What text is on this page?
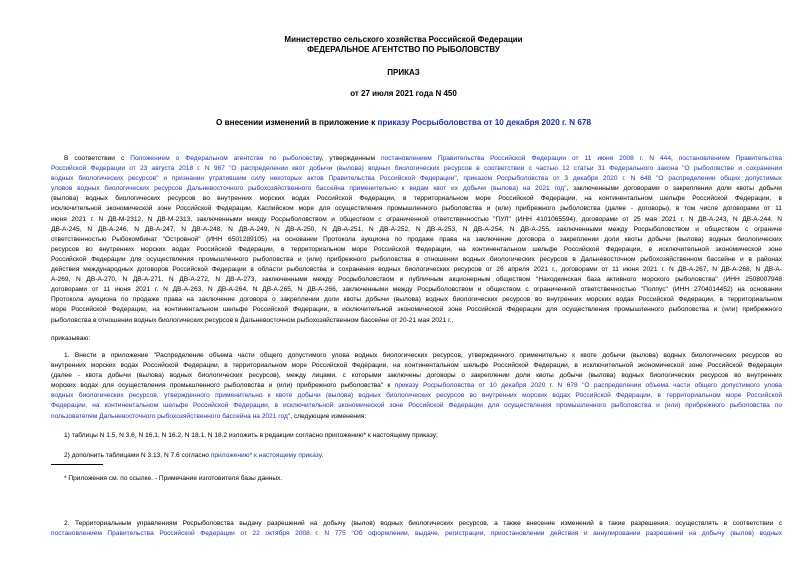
Министерство сельского хозяйства Российской Федерации
ФЕДЕРАЛЬНОЕ АГЕНТСТВО ПО РЫБОЛОВСТВУ
ПРИКАЗ
от 27 июля 2021 года N 450
О внесении изменений в приложение к приказу Росрыболовства от 10 декабря 2020 г. N 678
В соответствии с Положением о Федеральном агентстве по рыболовству, утвержденным постановлением Правительства Российской Федерации от 11 июня 2008 г. N 444, постановлением Правительства
Российской Федерации от 23 августа 2018 г. N 987 "О распределении квот добычи (вылова) водных биологических ресурсов в соответствии с частью 12 статьи 31 Федерального закона "О рыболовстве и сохранении
водных биологических ресурсов" и признании утратившим силу некоторых актов Правительства Российской Федерации", приказом Росрыболовства от 3 декабря 2020 г. N 648 "О распределении общих допустимых
уловов водных биологических ресурсов Дальневосточного рыбохозяйственного бассейна применительно к видам квот их добычи (вылова) на 2021 год", заключенными договорами о закреплении доли квоты добычи
(вылова) водных биологических ресурсов во внутренних морских водах Российской Федерации, в территориальном море Российской Федерации, на континентальном шельфе Российской Федерации, в
исключительной экономической зоне Российской Федерации, Каспийском море для осуществления промышленного рыболовства и (или) прибрежного рыболовства (далее - договоры), в том числе договорами от 11
июня 2021 г. N ДВ-М-2312, N ДВ-М-2313, заключенными между Росрыболовством и обществом с ограниченной ответственностью "ПУЛ" (ИНН 4101065594), договорами от 25 мая 2021 г. N ДВ-А-243, N ДВ-А-244, N
ДВ-А-245, N ДВ-А-246, N ДВ-А-247, N ДВ-А-248, N ДВ-А-249, N ДВ-А-250, N ДВ-А-251, N ДВ-А-252, N ДВ-А-253, N ДВ-А-254, N ДВ-А-255, заключенными между Росрыболовством и обществом с ограниче
ответственностью Рыбокомбинат "Островной" (ИНН 6501289105) на основании Протокола аукциона по продаже права на заключение договора о закреплении доли квоты добычи (вылова) водных биологических
ресурсов во внутренних морских водах Российской Федерации, в территориальном море Российской Федерации, на континентальном шельфе Российской Федерации, в исключительной экономической зоне
Российской Федерации для осуществления промышленного рыболовства и (или) прибрежного рыболовства в отношении водных биологических ресурсов в Дальневосточном рыбохозяйственном бассейне и в районах
действия международных договоров Российской Федерации в области рыболовства и сохранения водных биологических ресурсов от 26 апреля 2021 г., договорами от 11 июня 2021 г. N ДВ-А-267, N ДВ-А-268, N ДВ-А-
А-269, N ДВ-А-270, N ДВ-А-271, N ДВ-А-272, N ДВ-А-273, заключенными между Росрыболовством и публичным акционерным обществом "Находкинская база активного морского рыболовства" (ИНН 2508007948
договорами от 11 июня 2021 г. N ДВ-А-263, N ДВ-А-264, N ДВ-А-265, N ДВ-А-266, заключенными между Росрыболовством и обществом с ограниченной ответственностью "Полпус" (ИНН 2704014452) на основании
Протокола аукциона по продаже права на заключение договора о закреплении доли квоты добычи (вылова) водных биологических ресурсов во внутренних морских водах Российской Федерации, в территориальном
море Российской Федерации, на континентальном шельфе Российской Федерации, в исключительной экономической зоне Российской Федерации для осуществления промышленного рыболовства и (или) прибрежного
рыболовства в отношении водных биологических ресурсов в Дальневосточном рыбохозяйственном бассейне от 20-21 мая 2021 г.,
приказываю:
1. Внести в приложение "Распределение объема части общего допустимого улова водных биологических ресурсов, утвержденного применительно к квоте добычи (вылова) водных биологических ресурсов во
внутренних морских водах Российской Федерации, в территориальном море Российской Федерации, на континентальном шельфе Российской Федерации, в исключительной экономической зоне Российской Федерации
(далее - квота добычи (вылова) водных биологических ресурсов), между лицами, с которыми заключены договоры о закреплении доли квоты добычи (вылова) водных биологических ресурсов во внутренних
морских водах для осуществления промышленного рыболовства и (или) прибрежного рыболовства" к приказу Росрыболовства от 10 декабря 2020 г. N 678 "О распределении объема части общего допустимого улова
водных биологических ресурсов, утвержденного применительно к квоте добычи (вылова) водных биологических ресурсов во внутренних морских водах Российской Федерации, в территориальном море Российской
Федерации, на континентальном шельфе Российской Федерации, в исключительной экономической зоне Российской Федерации для осуществления промышленного рыболовства и (или) прибрежного рыболовства по
пользователям Дальневосточного рыбохозяйственного бассейна на 2021 год", следующие изменения:
1) таблицы N 1.5, N 3.6, N 16.1, N 16.2, N 18.1, N 18.2 изложить в редакции согласно приложению* к настоящему приказу;
2) дополнить таблицами N 3.13, N 7.6 согласно приложению* к настоящему приказу.
* Приложения см. по ссылке. - Примечание изготовителя базы данных.
2. Территориальным управлениям Росрыболовства выдачу разрешений на добычу (вылов) водных биологических ресурсов, а также внесение изменений в такие разрешения, осуществлять в соответствии с
постановлением Правительства Российской Федерации от 22 октября 2008 г. N 775 "Об оформлении, выдаче, регистрации, приостановлении действия и аннулировании разрешений на добычу (вылов) водных
